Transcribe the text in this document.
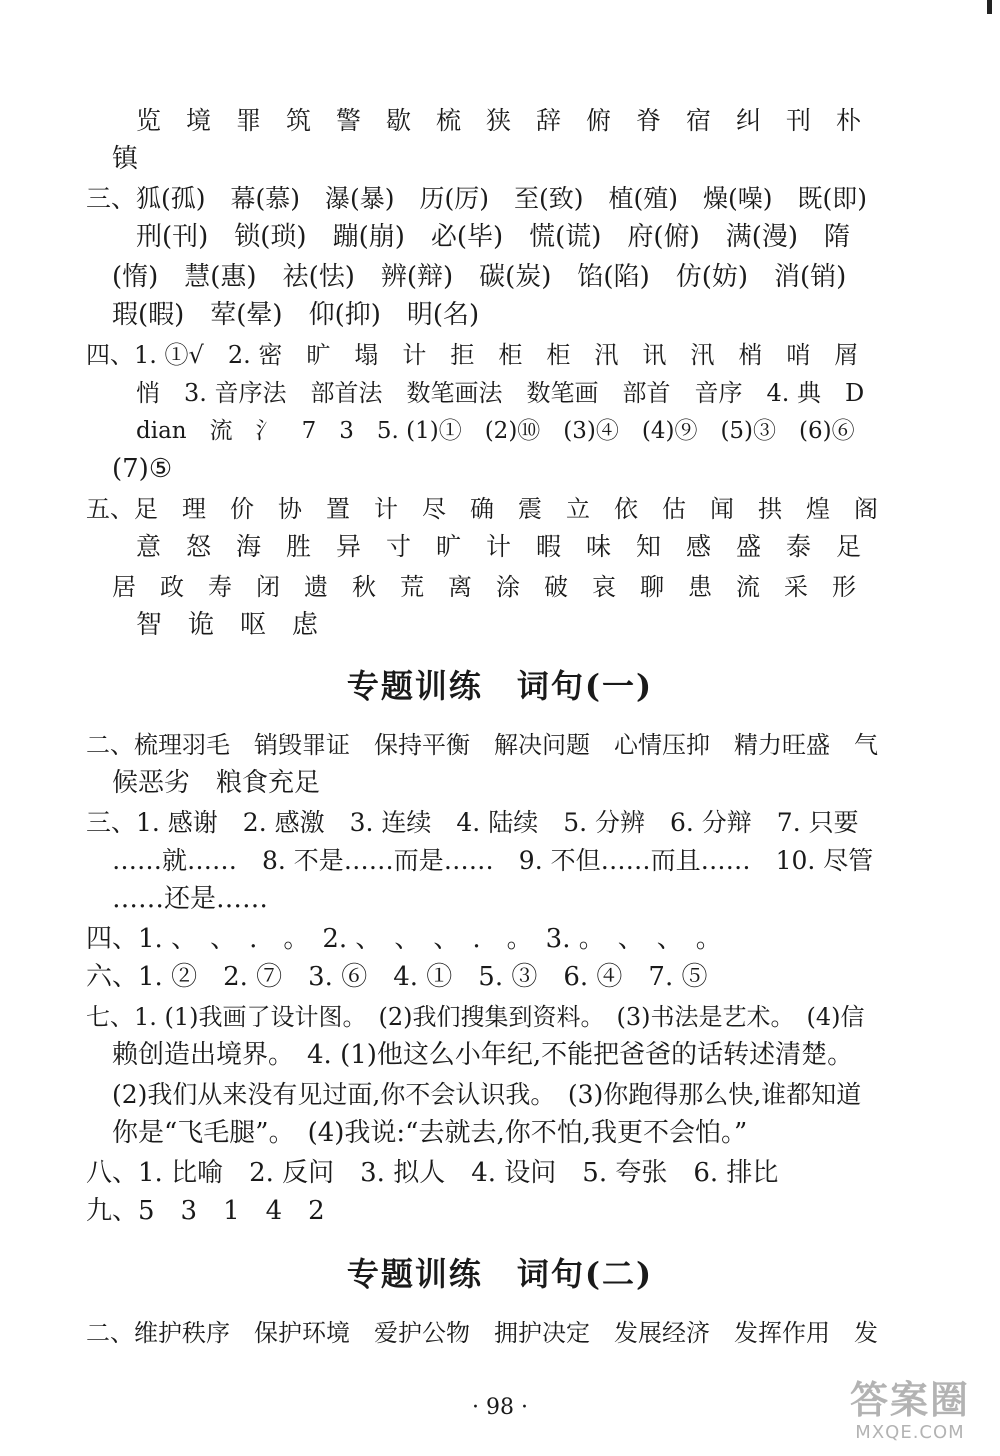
览　境　罪　筑　警　歇　梳　狭　辞　俯　脊　宿　纠　刊　朴
镇
三、狐(孤)　幕(慕)　瀑(暴)　历(厉)　至(致)　植(殖)　燥(噪)　既(即)
刑(刊)　锁(琐)　蹦(崩)　必(毕)　慌(谎)　府(俯)　满(漫)　隋
(惰)　慧(惠)　祛(怯)　辨(辩)　碳(炭)　馅(陷)　仿(妨)　消(销)
瑕(暇)　荤(晕)　仰(抑)　明(名)
四、1. ①√　2. 密　旷　塌　计　拒　柜　柜　汛　讯　汛　梢　哨　屑
悄　3. 音序法　部首法　数笔画法　数笔画　部首　音序　4. 典　D
dian　流　氵　7　3　5. (1)①　(2)⑩　(3)④　(4)⑨　(5)③　(6)⑥
(7)⑤
五、足　理　价　协　置　计　尽　确　震　立　依　估　闻　拱　煌　阁
意　怒　海　胜　异　寸　旷　计　暇　味　知　感　盛　泰　足
居　政　寿　闭　遗　秋　荒　离　涂　破　哀　聊　患　流　采　形
智　诡　呕　虑
专题训练　词句(一)
二、梳理羽毛　销毁罪证　保持平衡　解决问题　心情压抑　精力旺盛　气
候恶劣　粮食充足
三、1. 感谢　2. 感激　3. 连续　4. 陆续　5. 分辨　6. 分辩　7. 只要
……就……　8. 不是……而是……　9. 不但……而且……　10. 尽管
……还是……
四、1. 、　、　.　。　2. 、　、　、　.　。　3. 。　、　、　。
六、1. ②　2. ⑦　3. ⑥　4. ①　5. ③　6. ④　7. ⑤
七、1. (1)我画了设计图。　(2)我们搜集到资料。　(3)书法是艺术。　(4)信
赖创造出境界。　4. (1)他这么小年纪,不能把爸爸的话转述清楚。
(2)我们从来没有见过面,你不会认识我。　(3)你跑得那么快,谁都知道
你是“飞毛腿”。　(4)我说:“去就去,你不怕,我更不会怕。”
八、1. 比喻　2. 反问　3. 拟人　4. 设问　5. 夸张　6. 排比
九、5　3　1　4　2
专题训练　词句(二)
二、维护秩序　保护环境　爱护公物　拥护决定　发展经济　发挥作用　发
· 98 ·	答案圈
MXQE.COM
